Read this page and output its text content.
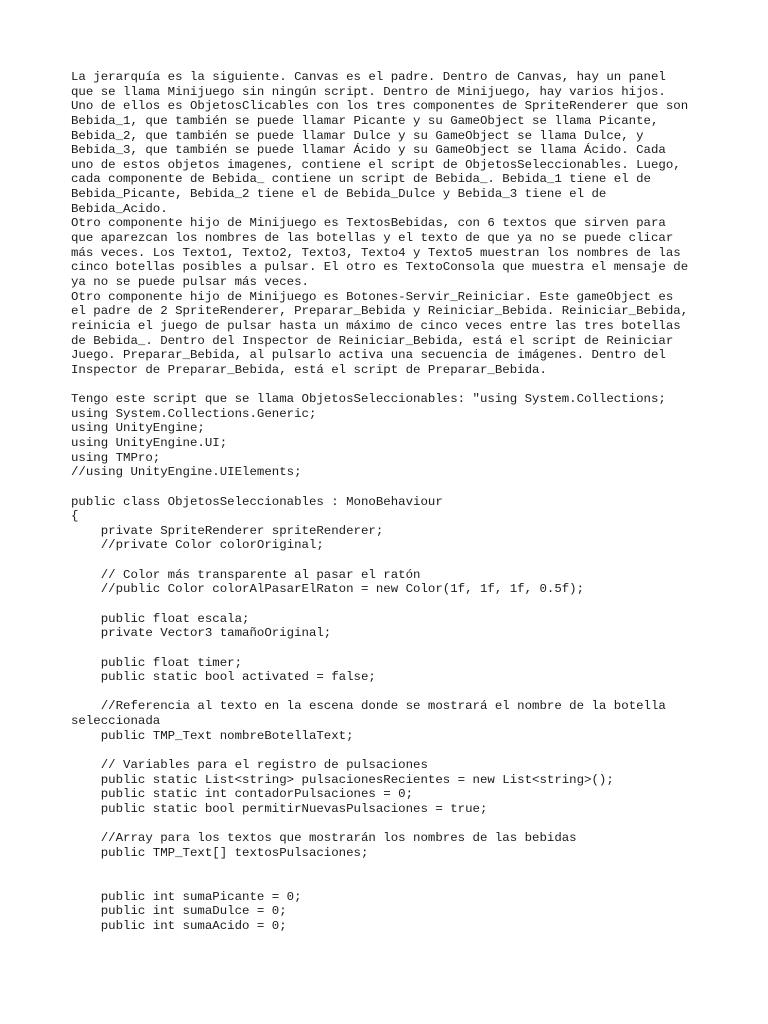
La jerarquía es la siguiente. Canvas es el padre. Dentro de Canvas, hay un panel
que se llama Minijuego sin ningún script. Dentro de Minijuego, hay varios hijos.
Uno de ellos es ObjetosClicables con los tres componentes de SpriteRenderer que son
Bebida_1, que también se puede llamar Picante y su GameObject se llama Picante,
Bebida_2, que también se puede llamar Dulce y su GameObject se llama Dulce, y
Bebida_3, que también se puede llamar Ácido y su GameObject se llama Ácido. Cada
uno de estos objetos imagenes, contiene el script de ObjetosSeleccionables. Luego,
cada componente de Bebida_ contiene un script de Bebida_. Bebida_1 tiene el de
Bebida_Picante, Bebida_2 tiene el de Bebida_Dulce y Bebida_3 tiene el de
Bebida_Acido.
Otro componente hijo de Minijuego es TextosBebidas, con 6 textos que sirven para
que aparezcan los nombres de las botellas y el texto de que ya no se puede clicar
más veces. Los Texto1, Texto2, Texto3, Texto4 y Texto5 muestran los nombres de las
cinco botellas posibles a pulsar. El otro es TextoConsola que muestra el mensaje de
ya no se puede pulsar más veces.
Otro componente hijo de Minijuego es Botones-Servir_Reiniciar. Este gameObject es
el padre de 2 SpriteRenderer, Preparar_Bebida y Reiniciar_Bebida. Reiniciar_Bebida,
reinicia el juego de pulsar hasta un máximo de cinco veces entre las tres botellas
de Bebida_. Dentro del Inspector de Reiniciar_Bebida, está el script de Reiniciar
Juego. Preparar_Bebida, al pulsarlo activa una secuencia de imágenes. Dentro del
Inspector de Preparar_Bebida, está el script de Preparar_Bebida.
Tengo este script que se llama ObjetosSeleccionables: "using System.Collections;
using System.Collections.Generic;
using UnityEngine;
using UnityEngine.UI;
using TMPro;
//using UnityEngine.UIElements;
public class ObjetosSeleccionables : MonoBehaviour
{
private SpriteRenderer spriteRenderer;
//private Color colorOriginal;
// Color más transparente al pasar el ratón
//public Color colorAlPasarElRaton = new Color(1f, 1f, 1f, 0.5f);
public float escala;
private Vector3 tamañoOriginal;
public float timer;
public static bool activated = false;
//Referencia al texto en la escena donde se mostrará el nombre de la botella
seleccionada
public TMP_Text nombreBotellaText;
// Variables para el registro de pulsaciones
public static List<string> pulsacionesRecientes = new List<string>();
public static int contadorPulsaciones = 0;
public static bool permitirNuevasPulsaciones = true;
//Array para los textos que mostrarán los nombres de las bebidas
public TMP_Text[] textosPulsaciones;
public int sumaPicante = 0;
public int sumaDulce = 0;
public int sumaAcido = 0;
